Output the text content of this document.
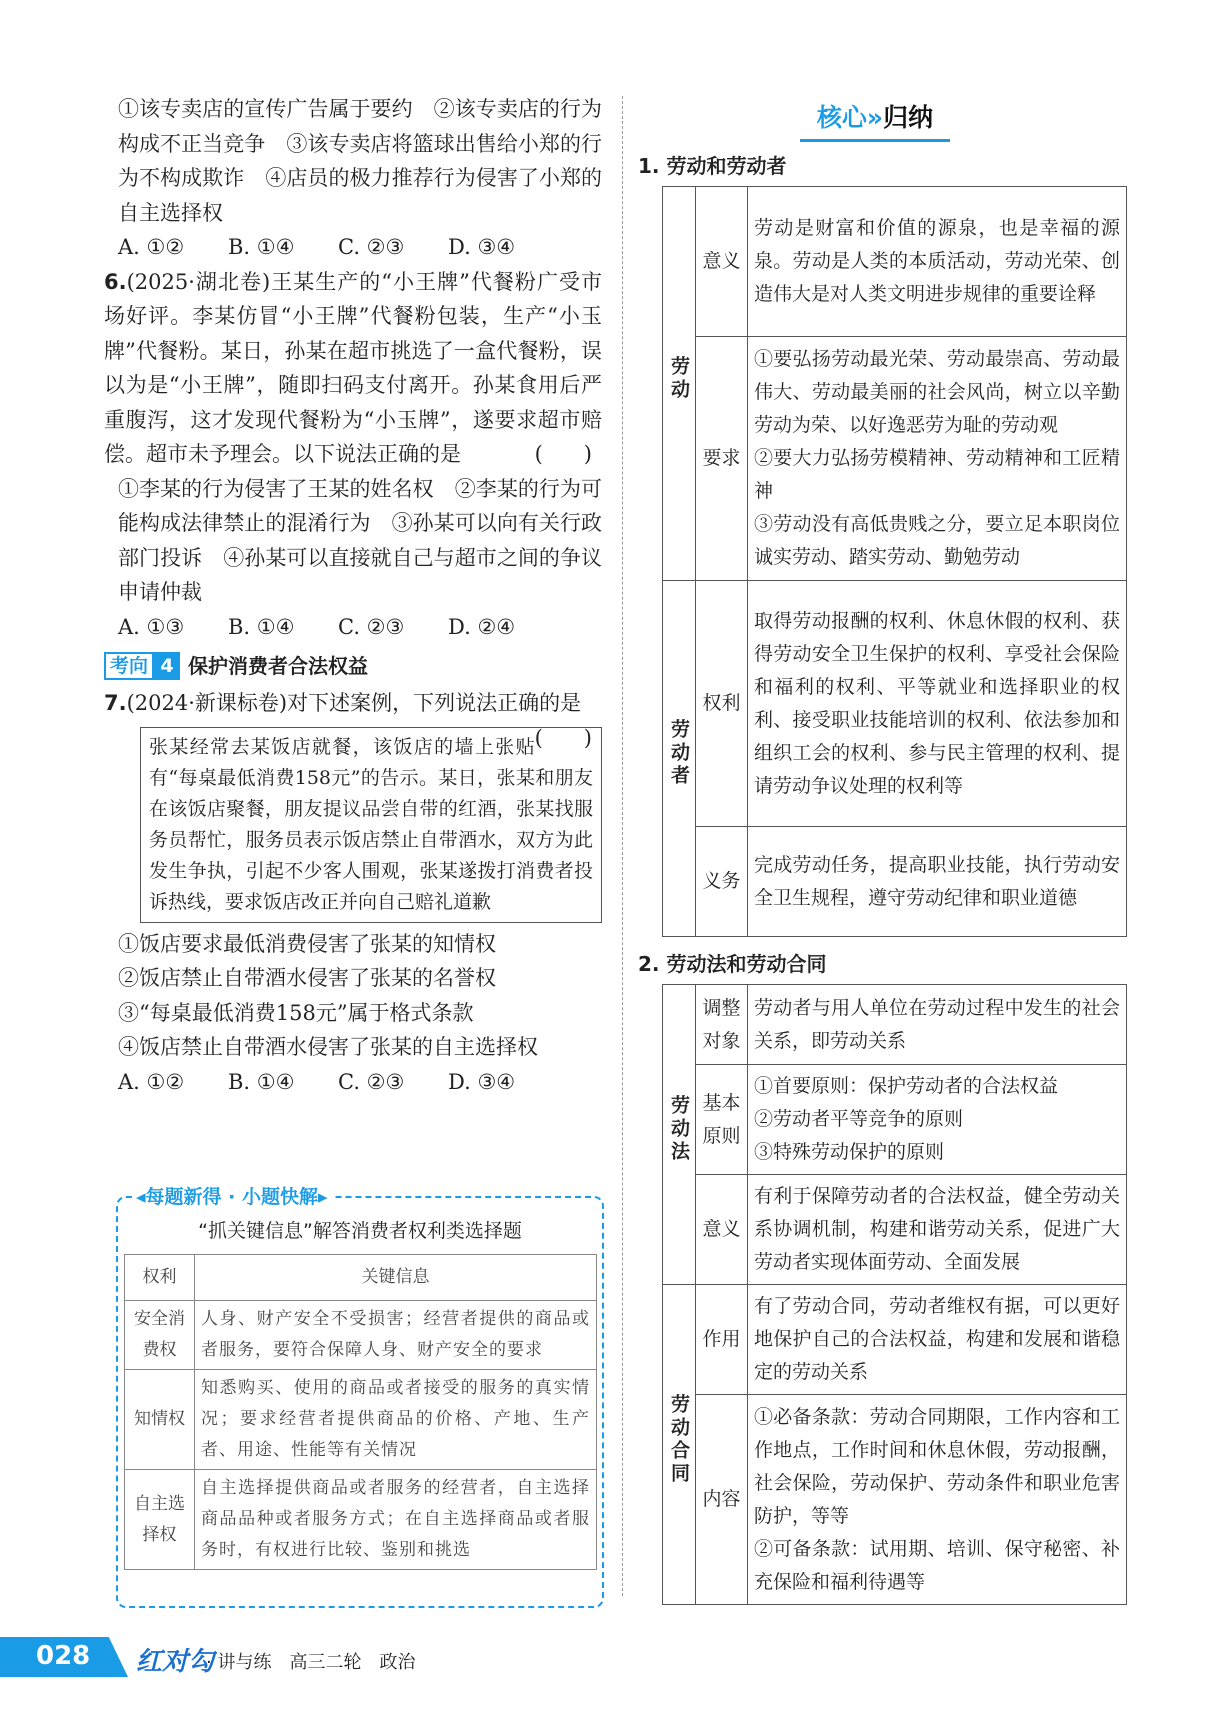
①该专卖店的宣传广告属于要约　②该专卖店的行为构成不正当竞争　③该专卖店将篮球出售给小郑的行为不构成欺诈　④店员的极力推荐行为侵害了小郑的自主选择权

A. ①②	B. ①④	C. ②③	D. ③④

6.(2025·湖北卷)王某生产的“小王牌”代餐粉广受市场好评。李某仿冒“小王牌”代餐粉包装，生产“小玉牌”代餐粉。某日，孙某在超市挑选了一盒代餐粉，误以为是“小王牌”，随即扫码支付离开。孙某食用后严重腹泻，这才发现代餐粉为“小玉牌”，遂要求超市赔偿。超市未予理会。以下说法正确的是	(　)

①李某的行为侵害了王某的姓名权　②李某的行为可能构成法律禁止的混淆行为　③孙某可以向有关行政部门投诉　④孙某可以直接就自己与超市之间的争议申请仲裁

A. ①③	B. ①④	C. ②③	D. ②④
考向 4 保护消费者合法权益

7.(2024·新课标卷)对下述案例，下列说法正确的是
(　)

张某经常去某饭店就餐，该饭店的墙上张贴有“每桌最低消费158元”的告示。某日，张某和朋友在该饭店聚餐，朋友提议品尝自带的红酒，张某找服务员帮忙，服务员表示饭店禁止自带酒水，双方为此发生争执，引起不少客人围观，张某遂拨打消费者投诉热线，要求饭店改正并向自己赔礼道歉

①饭店要求最低消费侵害了张某的知情权

②饭店禁止自带酒水侵害了张某的名誉权

③“每桌最低消费158元”属于格式条款

④饭店禁止自带酒水侵害了张某的自主选择权

A. ①②	B. ①④	C. ②③	D. ③④
◂每题新得 · 小题快解▸
“抓关键信息”解答消费者权利类选择题
权利	关键信息
安全消费权	人身、财产安全不受损害；经营者提供的商品或者服务，要符合保障人身、财产安全的要求
知情权	知悉购买、使用的商品或者接受的服务的真实情况；要求经营者提供商品的价格、产地、生产者、用途、性能等有关情况
自主选择权	自主选择提供商品或者服务的经营者，自主选择商品品种或者服务方式；在自主选择商品或者服务时，有权进行比较、鉴别和挑选
核心»归纳
1. 劳动和劳动者
劳动	意义	劳动是财富和价值的源泉，也是幸福的源泉。劳动是人类的本质活动，劳动光荣、创造伟大是对人类文明进步规律的重要诠释
	要求	①要弘扬劳动最光荣、劳动最崇高、劳动最伟大、劳动最美丽的社会风尚，树立以辛勤劳动为荣、以好逸恶劳为耻的劳动观
②要大力弘扬劳模精神、劳动精神和工匠精神
③劳动没有高低贵贱之分，要立足本职岗位诚实劳动、踏实劳动、勤勉劳动

劳动者	权利	取得劳动报酬的权利、休息休假的权利、获得劳动安全卫生保护的权利、享受社会保险和福利的权利、平等就业和选择职业的权利、接受职业技能培训的权利、依法参加和组织工会的权利、参与民主管理的权利、提请劳动争议处理的权利等
	义务	完成劳动任务，提高职业技能，执行劳动安全卫生规程，遵守劳动纪律和职业道德
2. 劳动法和劳动合同
劳动法	调整对象	劳动者与用人单位在劳动过程中发生的社会关系，即劳动关系
	基本原则	①首要原则：保护劳动者的合法权益
②劳动者平等竞争的原则
③特殊劳动保护的原则

	意义	有利于保障劳动者的合法权益，健全劳动关系协调机制，构建和谐劳动关系，促进广大劳动者实现体面劳动、全面发展
劳动合同	作用	有了劳动合同，劳动者维权有据，可以更好地保护自己的合法权益，构建和发展和谐稳定的劳动关系
	内容	①必备条款：劳动合同期限，工作内容和工作地点，工作时间和休息休假，劳动报酬，社会保险，劳动保护、劳动条件和职业危害防护，等等
②可备条款：试用期、培训、保守秘密、补充保险和福利待遇等
028 红对勾
· 讲与练　高三二轮　政治
